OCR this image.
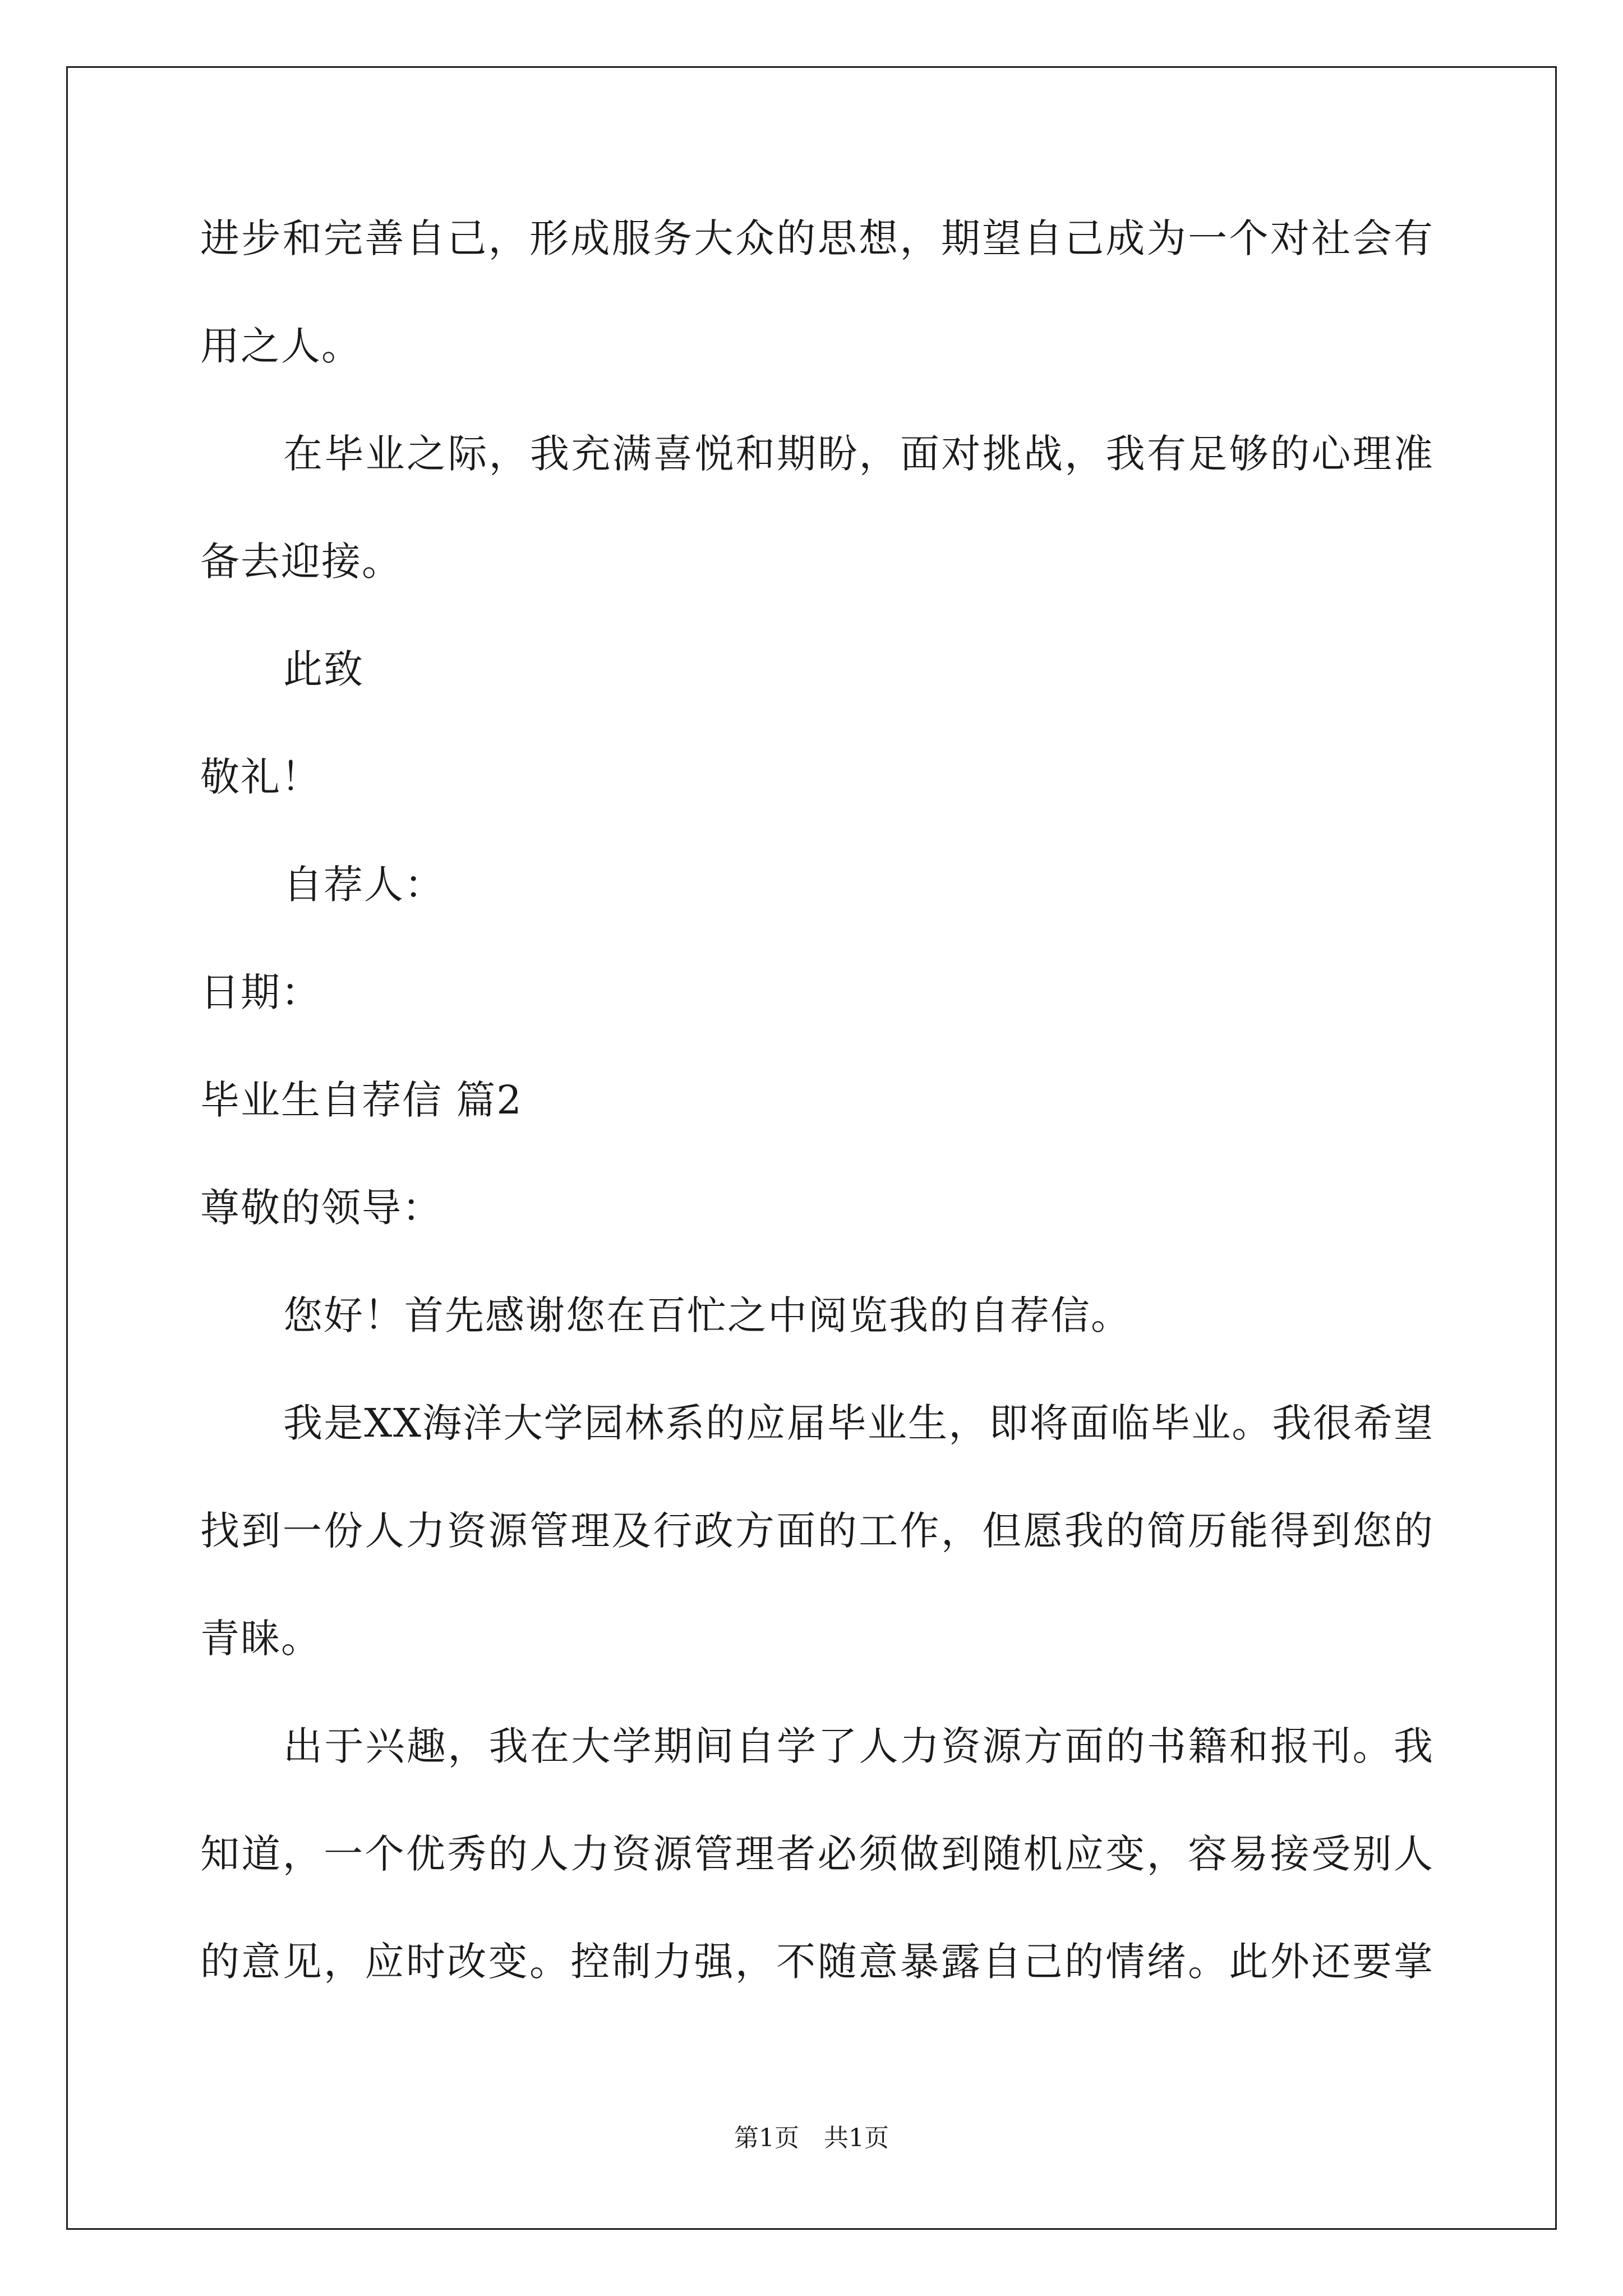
进步和完善自己，形成服务大众的思想，期望自己成为一个对社会有
用之人。
在毕业之际，我充满喜悦和期盼，面对挑战，我有足够的心理准
备去迎接。
此致
敬礼！
自荐人：
日期：
毕业生自荐信 篇2
尊敬的领导：
您好！首先感谢您在百忙之中阅览我的自荐信。
我是XX海洋大学园林系的应届毕业生，即将面临毕业。我很希望
找到一份人力资源管理及行政方面的工作，但愿我的简历能得到您的
青睐。
出于兴趣，我在大学期间自学了人力资源方面的书籍和报刊。我
知道，一个优秀的人力资源管理者必须做到随机应变，容易接受别人
的意见，应时改变。控制力强，不随意暴露自己的情绪。此外还要掌
第1页　共1页
